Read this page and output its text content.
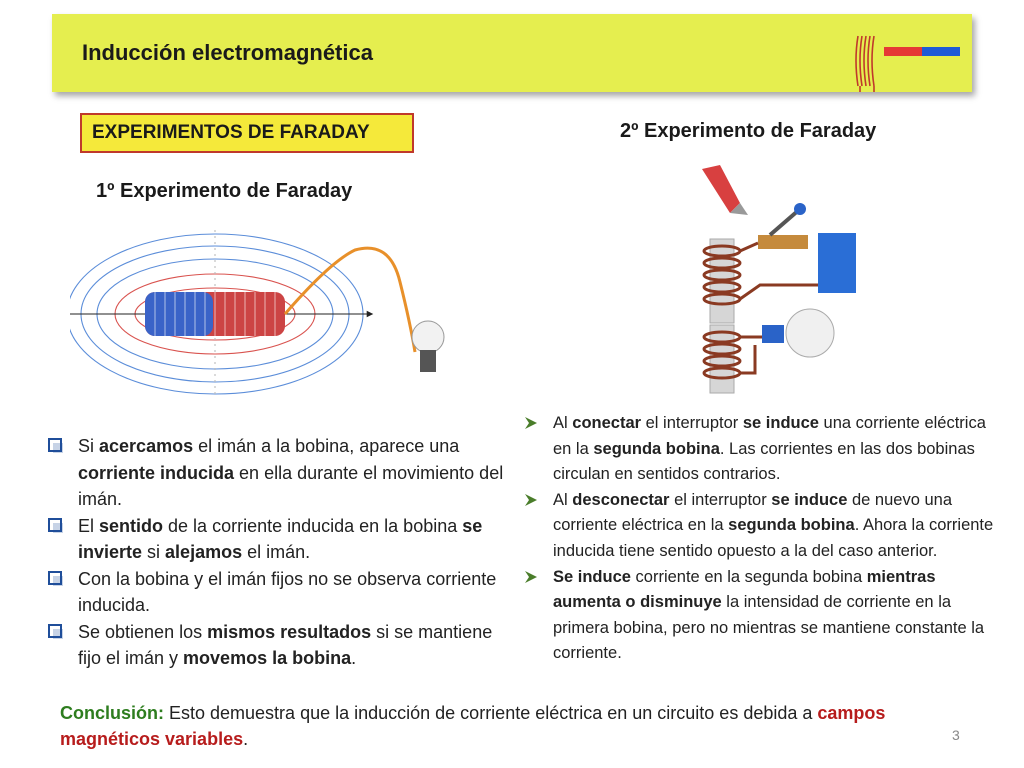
Inducción electromagnética
EXPERIMENTOS DE FARADAY
1º Experimento de Faraday
2º Experimento de Faraday
Si acercamos el imán a la bobina, aparece una corriente inducida en ella durante el movimiento del imán.
El sentido de la corriente inducida en la bobina se invierte si alejamos el imán.
Con la bobina y el imán fijos no se observa corriente inducida.
Se obtienen los mismos resultados si se mantiene fijo el imán y movemos la bobina.
Al conectar el interruptor se induce una corriente eléctrica en la segunda bobina. Las corrientes en las dos bobinas circulan en sentidos contrarios.
Al desconectar el interruptor se induce de nuevo una corriente eléctrica en la segunda bobina. Ahora la corriente inducida tiene sentido opuesto a la del caso anterior.
Se induce corriente en la segunda bobina mientras aumenta o disminuye la intensidad de corriente en la primera bobina, pero no mientras se mantiene constante la corriente.
Conclusión: Esto demuestra que la inducción de corriente eléctrica en un circuito es debida a campos magnéticos variables.	3
